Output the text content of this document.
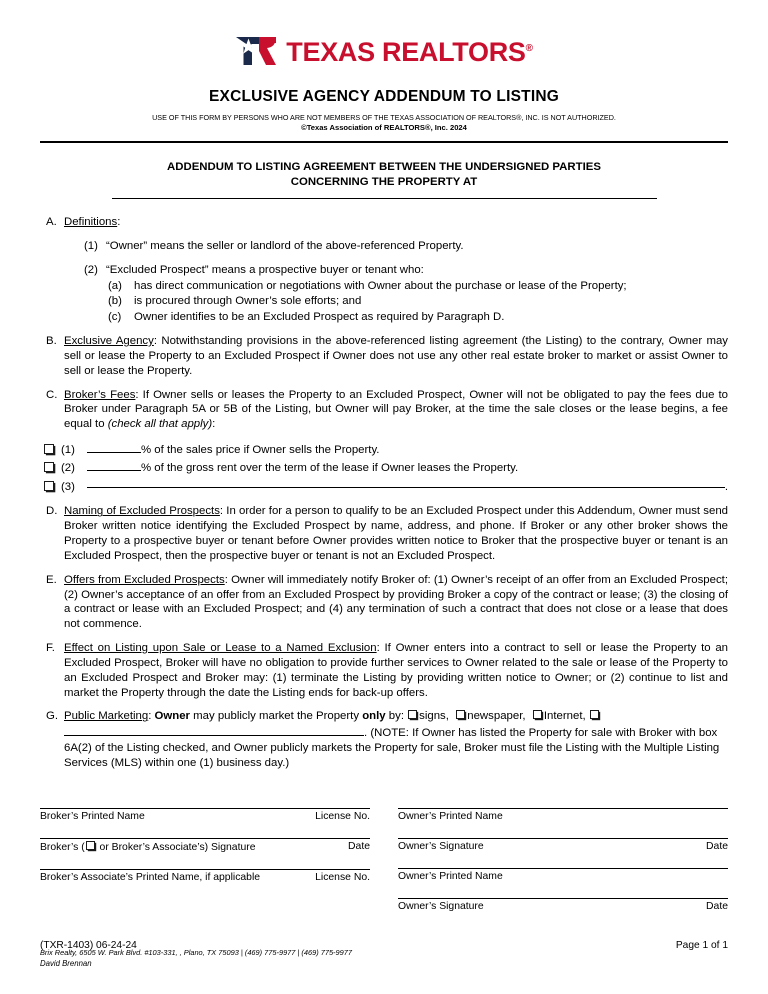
TEXAS REALTORS®
EXCLUSIVE AGENCY ADDENDUM TO LISTING
USE OF THIS FORM BY PERSONS WHO ARE NOT MEMBERS OF THE TEXAS ASSOCIATION OF REALTORS®, INC. IS NOT AUTHORIZED.
©Texas Association of REALTORS®, Inc. 2024
ADDENDUM TO LISTING AGREEMENT BETWEEN THE UNDERSIGNED PARTIES
CONCERNING THE PROPERTY AT
A. Definitions:
(1) “Owner” means the seller or landlord of the above-referenced Property.
(2) “Excluded Prospect” means a prospective buyer or tenant who:
(a)	has direct communication or negotiations with Owner about the purchase or lease of the Property;
(b)	is procured through Owner’s sole efforts; and
(c)	Owner identifies to be an Excluded Prospect as required by Paragraph D.
B. Exclusive Agency: Notwithstanding provisions in the above-referenced listing agreement (the Listing) to the contrary, Owner may sell or lease the Property to an Excluded Prospect if Owner does not use any other real estate broker to market or assist Owner to sell or lease the Property.
C. Broker’s Fees: If Owner sells or leases the Property to an Excluded Prospect, Owner will not be obligated to pay the fees due to Broker under Paragraph 5A or 5B of the Listing, but Owner will pay Broker, at the time the sale closes or the lease begins, a fee equal to (check all that apply):
(1)	% of the sales price if Owner sells the Property.
(2)	% of the gross rent over the term of the lease if Owner leases the Property.
(3)	.
D. Naming of Excluded Prospects: In order for a person to qualify to be an Excluded Prospect under this Addendum, Owner must send Broker written notice identifying the Excluded Prospect by name, address, and phone. If Broker or any other broker shows the Property to a prospective buyer or tenant before Owner provides written notice to Broker that the prospective buyer or tenant is an Excluded Prospect, then the prospective buyer or tenant is not an Excluded Prospect.
E. Offers from Excluded Prospects: Owner will immediately notify Broker of: (1) Owner’s receipt of an offer from an Excluded Prospect; (2) Owner’s acceptance of an offer from an Excluded Prospect by providing Broker a copy of the contract or lease; (3) the closing of a contract or lease with an Excluded Prospect; and (4) any termination of such a contract that does not close or a lease that does not commence.
F. Effect on Listing upon Sale or Lease to a Named Exclusion: If Owner enters into a contract to sell or lease the Property to an Excluded Prospect, Broker will have no obligation to provide further services to Owner related to the sale or lease of the Property to an Excluded Prospect and Broker may: (1) terminate the Listing by providing written notice to Owner; or (2) continue to list and market the Property through the date the Listing ends for back-up offers.
G. Public Marketing: Owner may publicly market the Property only by: signs, newspaper, Internet, . (NOTE: If Owner has listed the Property for sale with Broker with box 6A(2) of the Listing checked, and Owner publicly markets the Property for sale, Broker must file the Listing with the Multiple Listing Services (MLS) within one (1) business day.)
Broker’s Printed Name	License No.
Broker’s ( or Broker’s Associate’s) Signature	Date
Broker’s Associate’s Printed Name, if applicable	License No.
Owner’s Printed Name
Owner’s Signature	Date
Owner’s Printed Name
Owner’s Signature	Date
(TXR-1403) 06-24-24	Page 1 of 1
Brix Realty, 6505 W. Park Blvd. #103-331, , Plano, TX 75093 | (469) 775-9977 | (469) 775-9977
David Brennan
